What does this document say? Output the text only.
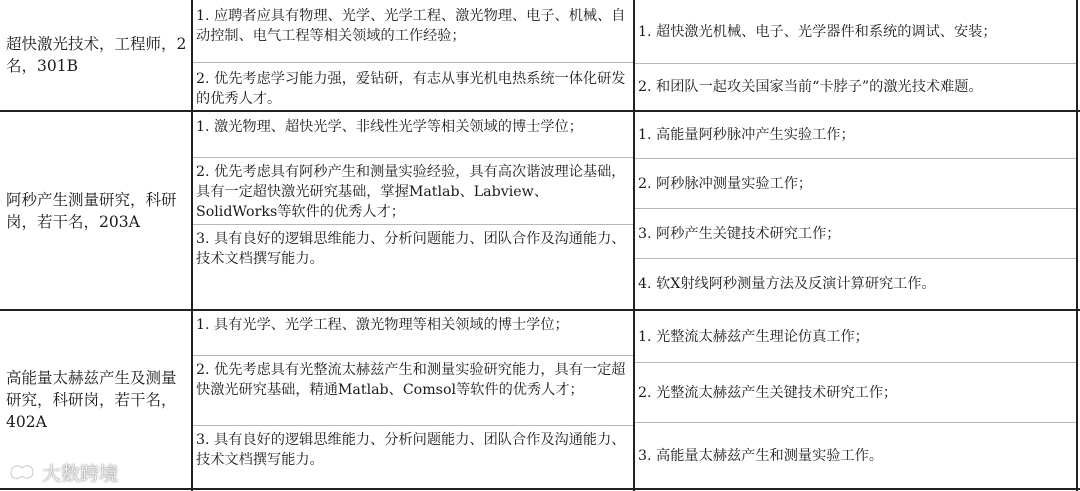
超快激光技术，工程师，2名，301B
1. 应聘者应具有物理、光学、光学工程、激光物理、电子、机械、自动控制、电气工程等相关领域的工作经验；
2. 优先考虑学习能力强，爱钻研，有志从事光机电热系统一体化研发的优秀人才。
1. 超快激光机械、电子、光学器件和系统的调试、安装；
2. 和团队一起攻关国家当前“卡脖子”的激光技术难题。
阿秒产生测量研究，科研岗，若干名，203A
1. 激光物理、超快光学、非线性光学等相关领域的博士学位；
2. 优先考虑具有阿秒产生和测量实验经验，具有高次谐波理论基础，具有一定超快激光研究基础，掌握Matlab、Labview、SolidWorks等软件的优秀人才；
3. 具有良好的逻辑思维能力、分析问题能力、团队合作及沟通能力、技术文档撰写能力。
1. 高能量阿秒脉冲产生实验工作；
2. 阿秒脉冲测量实验工作；
3. 阿秒产生关键技术研究工作；
4. 软X射线阿秒测量方法及反演计算研究工作。
高能量太赫兹产生及测量研究，科研岗，若干名，402A
1. 具有光学、光学工程、激光物理等相关领域的博士学位；
2. 优先考虑具有光整流太赫兹产生和测量实验研究能力，具有一定超快激光研究基础，精通Matlab、Comsol等软件的优秀人才；
3. 具有良好的逻辑思维能力、分析问题能力、团队合作及沟通能力、技术文档撰写能力。
1. 光整流太赫兹产生理论仿真工作；
2. 光整流太赫兹产生关键技术研究工作；
3. 高能量太赫兹产生和测量实验工作。
大数跨境
